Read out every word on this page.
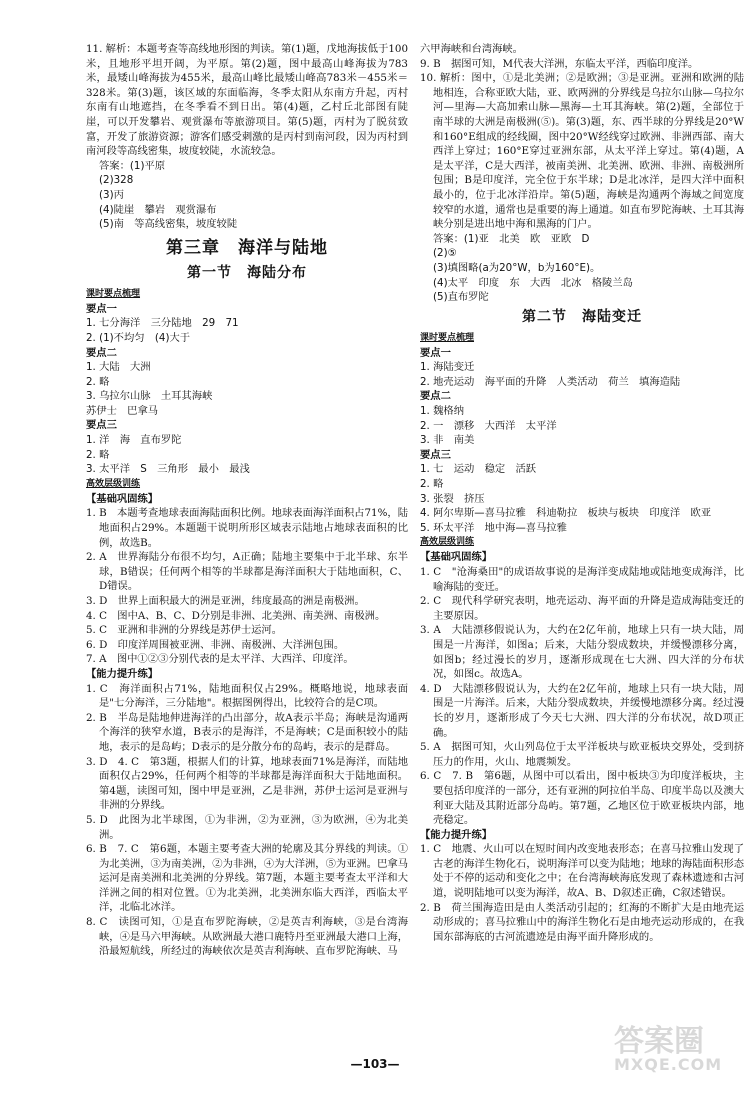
11. 解析：本题考查等高线地形图的判读。第(1)题，戊地海拔低于100米，且地形平坦开阔，为平原。第(2)题，图中最高山峰海拔为783米，最矮山峰海拔为455米，最高山峰比最矮山峰高783米－455米＝328米。第(3)题，该区域的东面临海，冬季太阳从东南方升起，丙村东南有山地遮挡，在冬季看不到日出。第(4)题，乙村丘北部图有陡崖，可以开发攀岩、观赏瀑布等旅游项目。第(5)题，丙村为了脱贫致富，开发了旅游资源；游客们感受刺激的是丙村到南河段，因为丙村到南河段等高线密集，坡度较陡，水流较急。

答案：(1)平原

(2)328

(3)丙

(4)陡崖　攀岩　观赏瀑布

(5)南　等高线密集，坡度较陡

第三章　海洋与陆地

第一节　海陆分布

课时要点梳理

要点一

1. 七分海洋　三分陆地　29　71

2. (1)不均匀　(4)大于

要点二

1. 大陆　大洲

2. 略

3. 乌拉尔山脉　土耳其海峡

苏伊士　巴拿马

要点三

1. 洋　海　直布罗陀

2. 略

3. 太平洋　S　三角形　最小　最浅

高效层级训练

【基础巩固练】

1. B　本题考查地球表面海陆面积比例。地球表面海洋面积占71%，陆地面积占29%。本题题干说明所形区域表示陆地占地球表面积的比例，故选B。

2. A　世界海陆分布很不均匀，A正确；陆地主要集中于北半球、东半球，B错误；任何两个相等的半球都是海洋面积大于陆地面积，C、D错误。

3. D　世界上面积最大的洲是亚洲，纬度最高的洲是南极洲。

4. C　图中A、B、C、D分别是非洲、北美洲、南美洲、南极洲。

5. C　亚洲和非洲的分界线是苏伊士运河。

6. D　印度洋周围被亚洲、非洲、南极洲、大洋洲包围。

7. A　图中①②③分别代表的是太平洋、大西洋、印度洋。

【能力提升练】

1. C　海洋面积占71%，陆地面积仅占29%。概略地说，地球表面是"七分海洋，三分陆地"。根据图例得出，比较符合的是C项。

2. B　半岛是陆地伸进海洋的凸出部分，故A表示半岛；海峡是沟通两个海洋的狭窄水道，B表示的是海洋，不是海峡；C是面积较小的陆地，表示的是岛屿；D表示的是分散分布的岛屿，表示的是群岛。

3. D　4. C　第3题，根据人们的计算，地球表面71%是海洋，而陆地面积仅占29%，任何两个相等的半球都是海洋面积大于陆地面积。第4题，读图可知，图中甲是亚洲，乙是非洲，苏伊士运河是亚洲与非洲的分界线。

5. D　此图为北半球图，①为非洲，②为亚洲，③为欧洲，④为北美洲。

6. B　7. C　第6题，本题主要考查大洲的轮廓及其分界线的判读。①为北美洲，③为南美洲，②为非洲，④为大洋洲，⑤为亚洲。巴拿马运河是南美洲和北美洲的分界线。第7题，本题主要考查太平洋和大洋洲之间的相对位置。①为北美洲，北美洲东临大西洋，西临太平洋，北临北冰洋。

8. C　读图可知，①是直布罗陀海峡，②是英吉利海峡，③是台湾海峡，④是马六甲海峡。从欧洲最大港口鹿特丹至亚洲最大港口上海，沿最短航线，所经过的海峡依次是英吉利海峡、直布罗陀海峡、马

六甲海峡和台湾海峡。

9. B　据图可知，M代表大洋洲，东临太平洋，西临印度洋。

10. 解析：图中，①是北美洲；②是欧洲；③是亚洲。亚洲和欧洲的陆地相连，合称亚欧大陆，亚、欧两洲的分界线是乌拉尔山脉—乌拉尔河—里海—大高加索山脉—黑海—土耳其海峡。第(2)题，全部位于南半球的大洲是南极洲(⑤)。第(3)题，东、西半球的分界线是20°W和160°E组成的经线圈，图中20°W经线穿过欧洲、非洲西部、南大西洋上穿过；160°E穿过亚洲东部，从太平洋上穿过。第(4)题，A是太平洋，C是大西洋，被南美洲、北美洲、欧洲、非洲、南极洲所包围；B是印度洋，完全位于东半球；D是北冰洋，是四大洋中面积最小的，位于北冰洋沿岸。第(5)题，海峡是沟通两个海域之间宽度较窄的水道，通常也是重要的海上通道。如直布罗陀海峡、土耳其海峡分别是进出地中海和黑海的门户。

答案：(1)亚　北美　欧　亚欧　D

(2)⑤

(3)填图略(a为20°W，b为160°E)。

(4)太平　印度　东　大西　北冰　格陵兰岛

(5)直布罗陀

第二节　海陆变迁

课时要点梳理

要点一

1. 海陆变迁

2. 地壳运动　海平面的升降　人类活动　荷兰　填海造陆

要点二

1. 魏格纳

2. 一　漂移　大西洋　太平洋

3. 非　南美

要点三

1. 七　运动　稳定　活跃

2. 略

3. 张裂　挤压

4. 阿尔卑斯—喜马拉雅　科迪勒拉　板块与板块　印度洋　欧亚

5. 环太平洋　地中海—喜马拉雅

高效层级训练

【基础巩固练】

1. C　"沧海桑田"的成语故事说的是海洋变成陆地或陆地变成海洋，比喻海陆的变迁。

2. C　现代科学研究表明，地壳运动、海平面的升降是造成海陆变迁的主要原因。

3. A　大陆漂移假说认为，大约在2亿年前，地球上只有一块大陆，周围是一片海洋，如图a；后来，大陆分裂成数块，并缓慢漂移分离，如图b；经过漫长的岁月，逐渐形成现在七大洲、四大洋的分布状况，如图c。故选A。

4. D　大陆漂移假说认为，大约在2亿年前，地球上只有一块大陆，周围是一片海洋。后来，大陆分裂成数块，并缓慢地漂移分离。经过漫长的岁月，逐渐形成了今天七大洲、四大洋的分布状况，故D项正确。

5. A　据图可知，火山列岛位于太平洋板块与欧亚板块交界处，受到挤压力的作用，火山、地震频发。

6. C　7. B　第6题，从图中可以看出，图中板块③为印度洋板块，主要包括印度洋的一部分，还有亚洲的阿拉伯半岛、印度半岛以及澳大利亚大陆及其附近部分岛屿。第7题，乙地区位于欧亚板块内部，地壳稳定。

【能力提升练】

1. C　地震、火山可以在短时间内改变地表形态；在喜马拉雅山发现了古老的海洋生物化石，说明海洋可以变为陆地；地球的海陆面积形态处于不停的运动和变化之中；在台湾海峡海底发现了森林遗迹和古河道，说明陆地可以变为海洋，故A、B、D叙述正确，C叙述错误。

2. B　荷兰围海造田是由人类活动引起的；红海的不断扩大是由地壳运动形成的；喜马拉雅山中的海洋生物化石是由地壳运动形成的，在我国东部海底的古河流遗迹是由海平面升降形成的。

—103—
答案圈
MXQE.COM
